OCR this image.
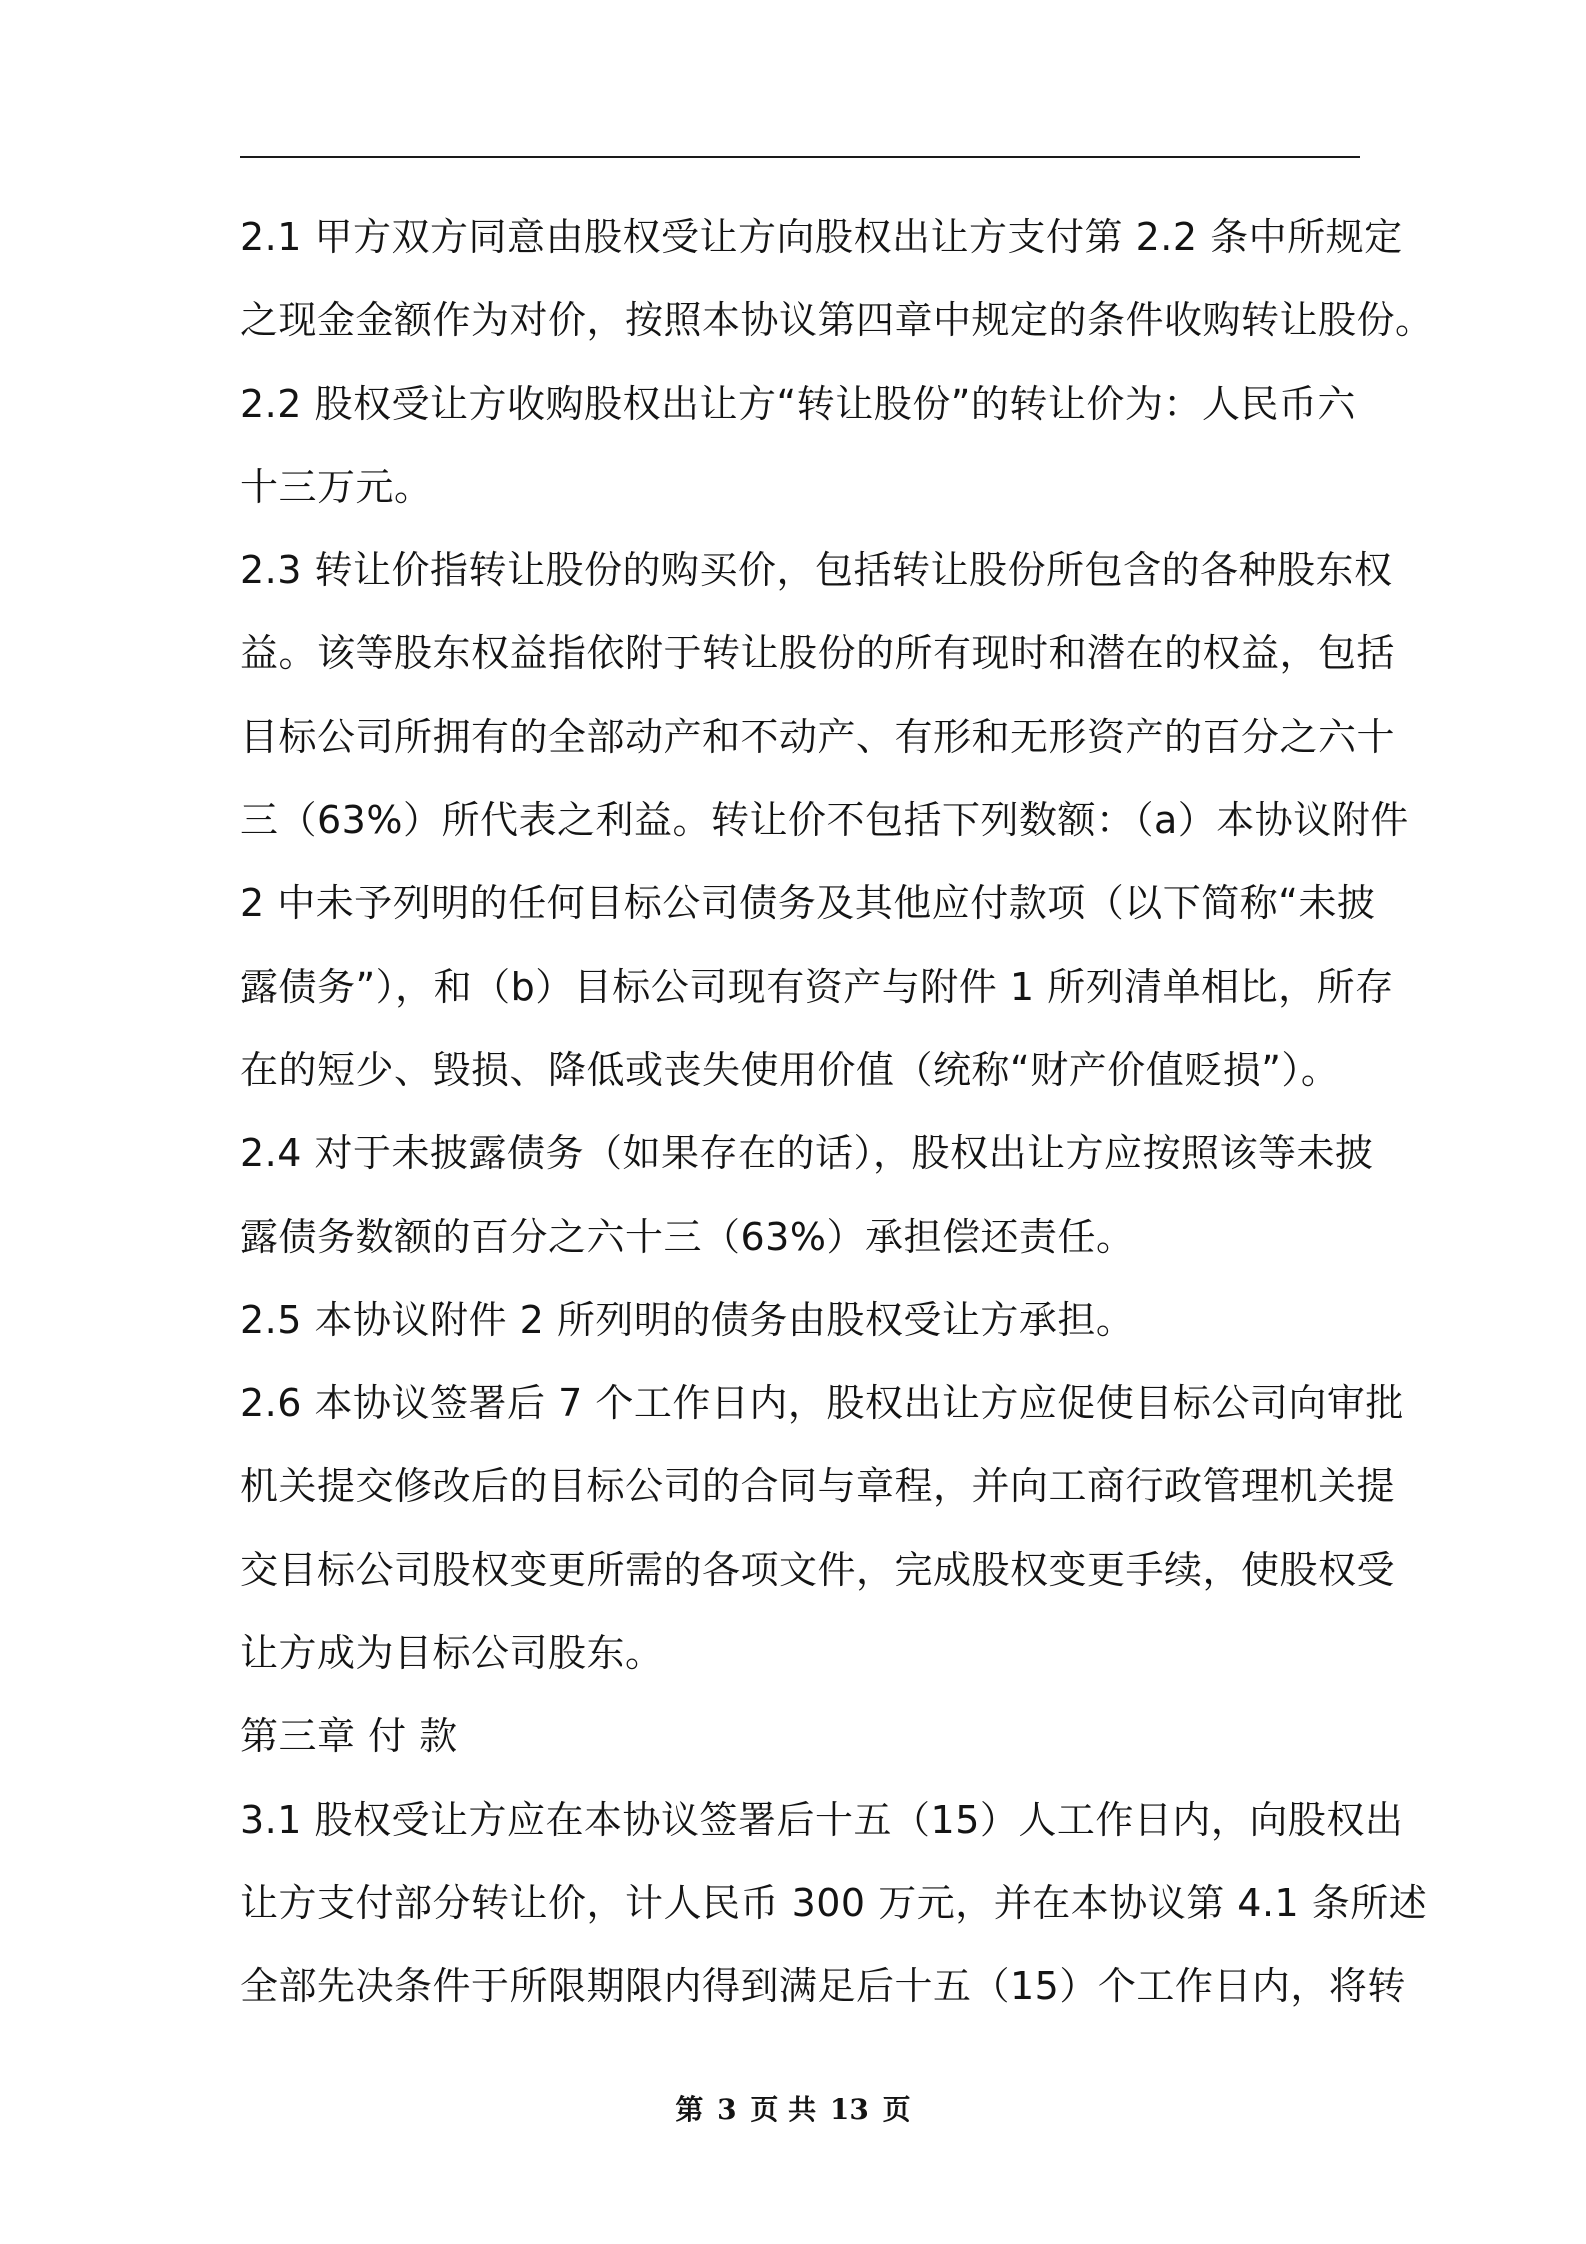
2.1 甲方双方同意由股权受让方向股权出让方支付第 2.2 条中所规定
之现金金额作为对价，按照本协议第四章中规定的条件收购转让股份。
2.2 股权受让方收购股权出让方“转让股份”的转让价为：人民币六
十三万元。
2.3 转让价指转让股份的购买价，包括转让股份所包含的各种股东权
益。该等股东权益指依附于转让股份的所有现时和潜在的权益，包括
目标公司所拥有的全部动产和不动产、有形和无形资产的百分之六十
三（63%）所代表之利益。转让价不包括下列数额：（a）本协议附件
2 中未予列明的任何目标公司债务及其他应付款项（以下简称“未披
露债务”），和（b）目标公司现有资产与附件 1 所列清单相比，所存
在的短少、毁损、降低或丧失使用价值（统称“财产价值贬损”）。
2.4 对于未披露债务（如果存在的话），股权出让方应按照该等未披
露债务数额的百分之六十三（63%）承担偿还责任。
2.5 本协议附件 2 所列明的债务由股权受让方承担。
2.6 本协议签署后 7 个工作日内，股权出让方应促使目标公司向审批
机关提交修改后的目标公司的合同与章程，并向工商行政管理机关提
交目标公司股权变更所需的各项文件，完成股权变更手续，使股权受
让方成为目标公司股东。
第三章 付 款
3.1 股权受让方应在本协议签署后十五（15）人工作日内，向股权出
让方支付部分转让价，计人民币 300 万元，并在本协议第 4.1 条所述
全部先决条件于所限期限内得到满足后十五（15）个工作日内，将转
第 3 页 共 13 页
